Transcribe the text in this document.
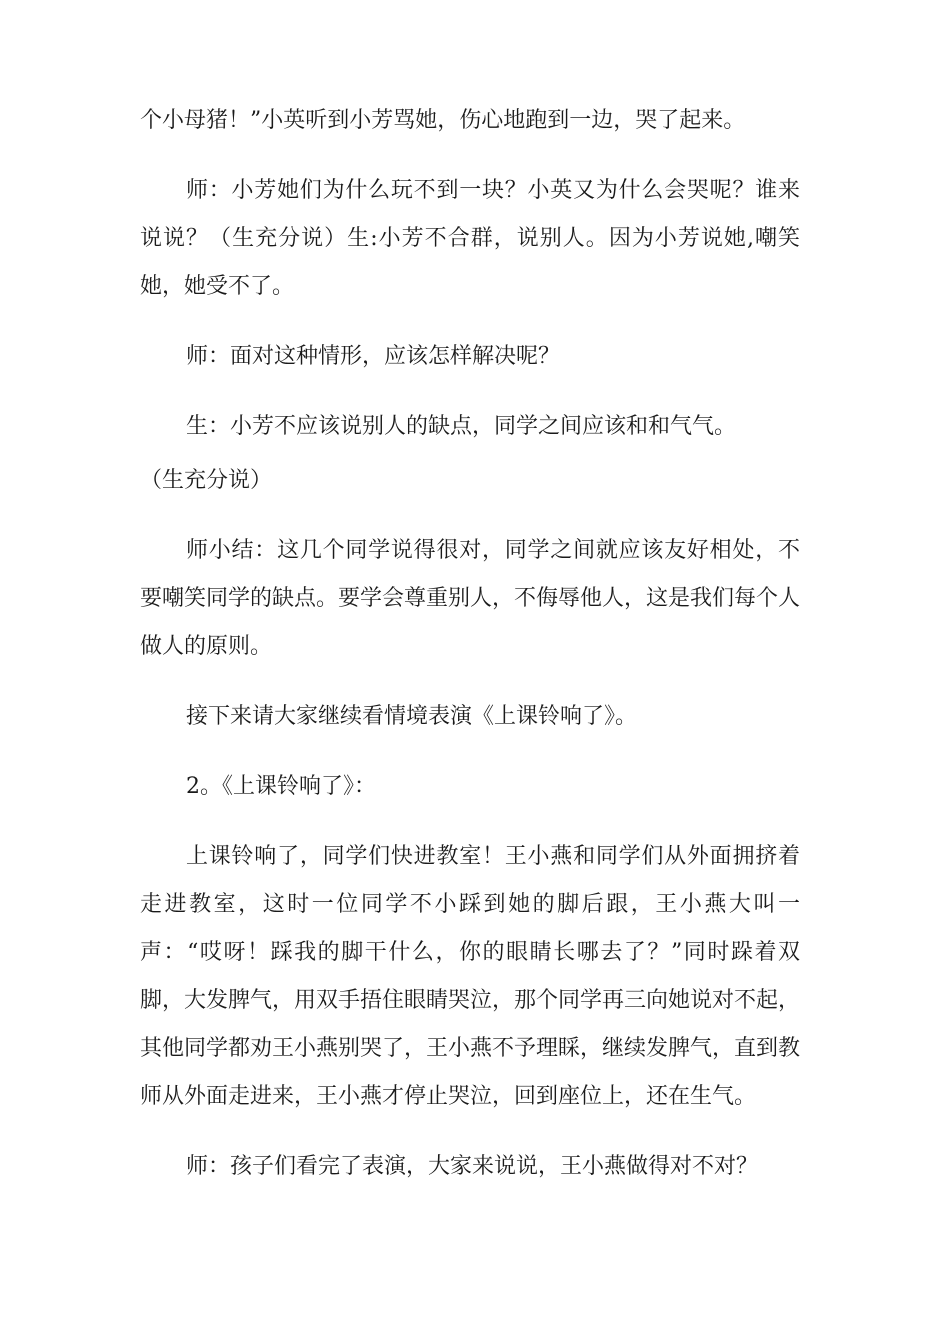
个小母猪！”小英听到小芳骂她，伤心地跑到一边，哭了起来。

师：小芳她们为什么玩不到一块？小英又为什么会哭呢？谁来说说？（生充分说）生:小芳不合群，说别人。因为小芳说她,嘲笑她，她受不了。

师：面对这种情形，应该怎样解决呢？

生：小芳不应该说别人的缺点，同学之间应该和和气气。

（生充分说）

师小结：这几个同学说得很对，同学之间就应该友好相处，不要嘲笑同学的缺点。要学会尊重别人，不侮辱他人，这是我们每个人做人的原则。

接下来请大家继续看情境表演《上课铃响了》。

2。《上课铃响了》：

上课铃响了，同学们快进教室！王小燕和同学们从外面拥挤着走进教室，这时一位同学不小踩到她的脚后跟，王小燕大叫一声：“哎呀！踩我的脚干什么，你的眼睛长哪去了？”同时跺着双脚，大发脾气，用双手捂住眼睛哭泣，那个同学再三向她说对不起，其他同学都劝王小燕别哭了，王小燕不予理睬，继续发脾气，直到教师从外面走进来，王小燕才停止哭泣，回到座位上，还在生气。

师：孩子们看完了表演，大家来说说，王小燕做得对不对？
